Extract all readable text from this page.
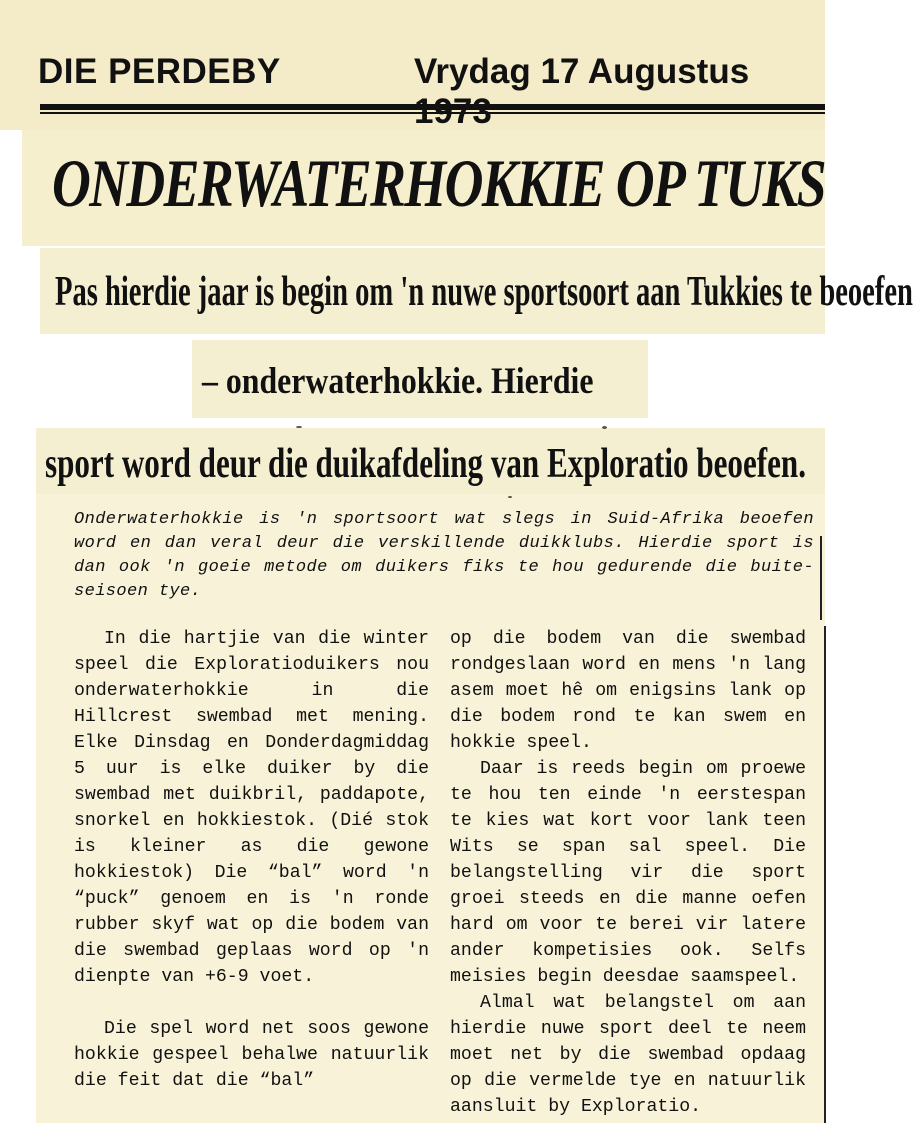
DIE PERDEBY	Vrydag 17 Augustus
ONDERWATERHOKKIE OP TUKS
Pas hierdie jaar is begin om 'n nuwe sportsoort aan Tukkies te beoefen
– onderwaterhokkie. Hierdie
sport word deur die duikafdeling van Exploratio beoefen.
Onderwaterhokkie is 'n sportsoort wat slegs in Suid-Afrika beoefen word en dan veral deur die verskillende duikklubs. Hierdie sport is dan ook 'n goeie metode om duikers fiks te hou gedurende die buite-seisoen tye.

In die hartjie van die winter speel die Exploratioduikers nou onderwaterhokkie in die Hillcrest swembad met mening. Elke Dinsdag en Donderdagmiddag 5 uur is elke duiker by die swembad met duikbril, paddapote, snorkel en hokkiestok. (Dié stok is kleiner as die gewone hokkiestok) Die “bal” word 'n “puck” genoem en is 'n ronde rubber skyf wat op die bodem van die swembad geplaas word op 'n dienpte van +6-9 voet.

Die spel word net soos gewone hokkie gespeel behalwe natuurlik die feit dat die “bal”

op die bodem van die swembad rondgeslaan word en mens 'n lang asem moet hê om enigsins lank op die bodem rond te kan swem en hokkie speel.

Daar is reeds begin om proewe te hou ten einde 'n eerstespan te kies wat kort voor lank teen Wits se span sal speel. Die belangstelling vir die sport groei steeds en die manne oefen hard om voor te berei vir latere ander kompetisies ook. Selfs meisies begin deesdae saamspeel.

Almal wat belangstel om aan hierdie nuwe sport deel te neem moet net by die swembad opdaag op die vermelde tye en natuurlik aansluit by Exploratio.
